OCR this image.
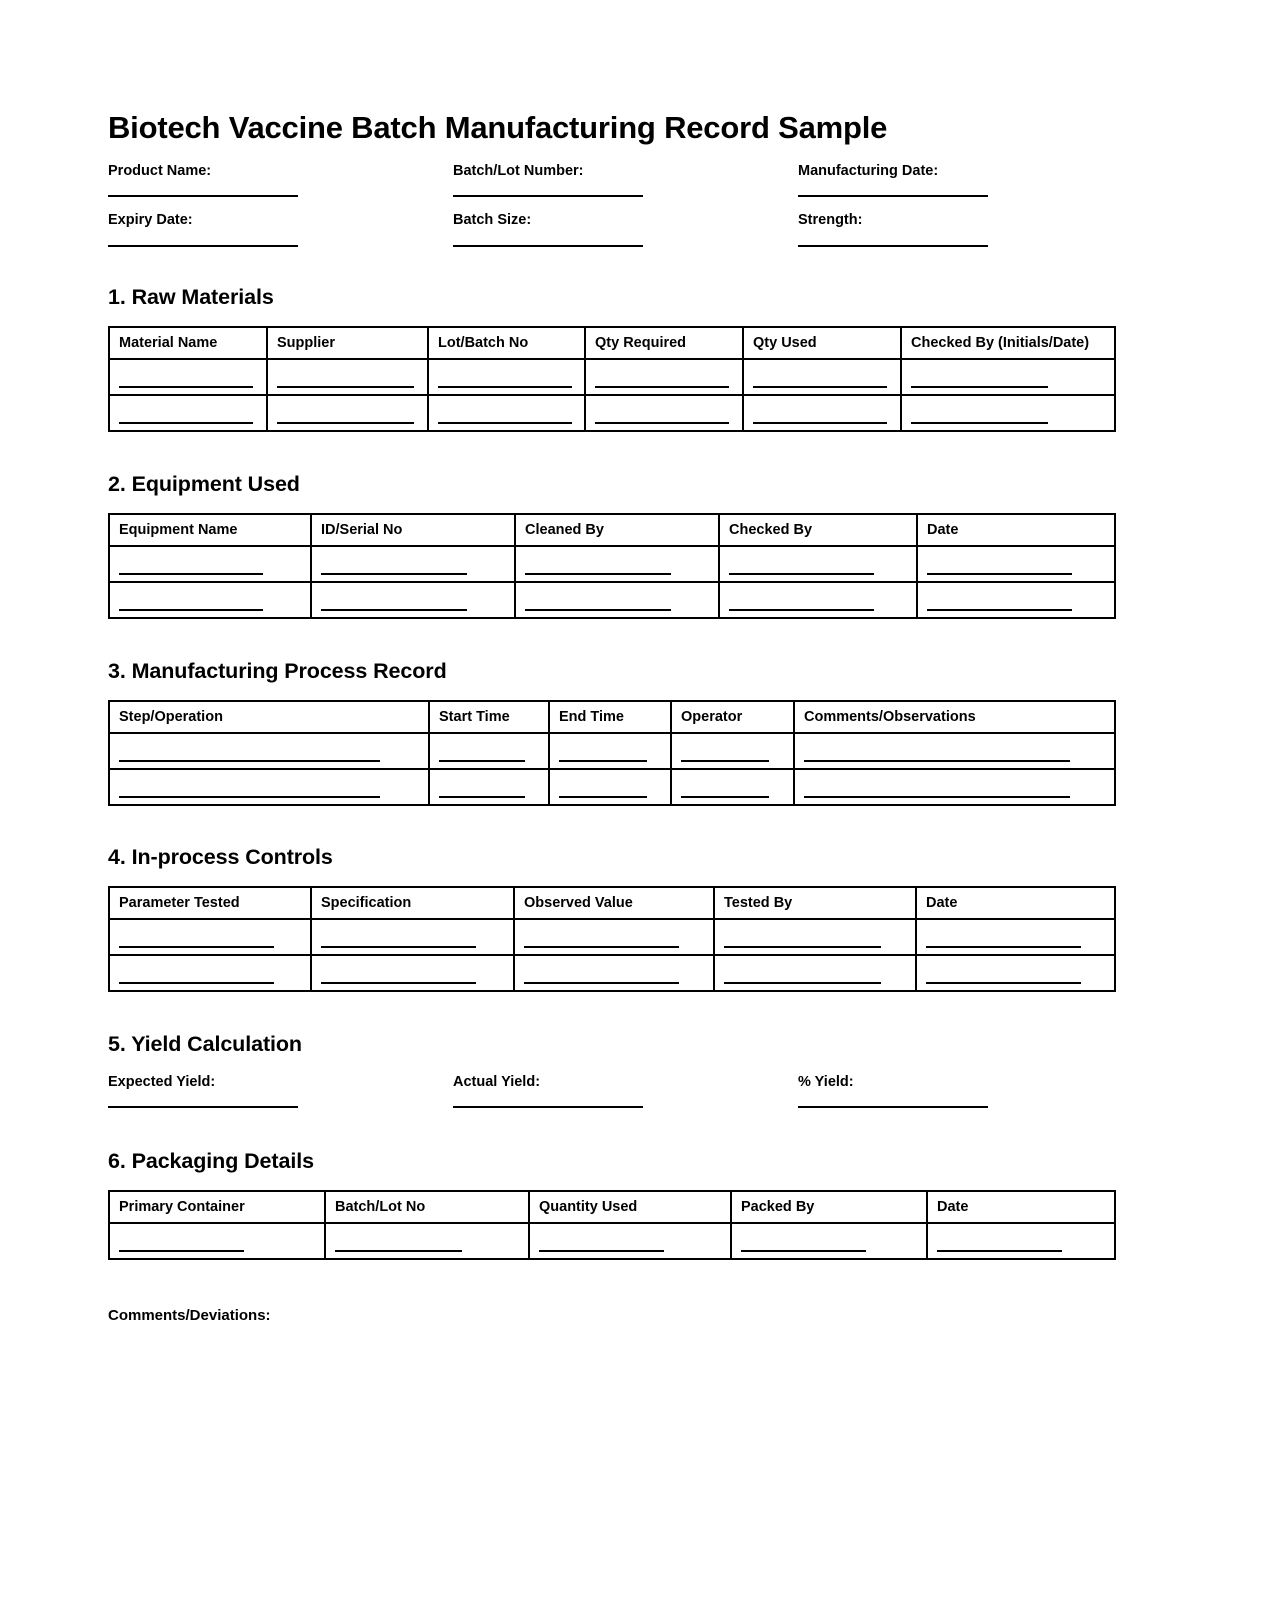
Biotech Vaccine Batch Manufacturing Record Sample
Product Name:	Batch/Lot Number:	Manufacturing Date:
Expiry Date:	Batch Size:	Strength:
1. Raw Materials
Material Name	Supplier	Lot/Batch No	Qty Required	Qty Used	Checked By (Initials/Date)

2. Equipment Used
Equipment Name	ID/Serial No	Cleaned By	Checked By	Date

3. Manufacturing Process Record
Step/Operation	Start Time	End Time	Operator	Comments/Observations

4. In-process Controls
Parameter Tested	Specification	Observed Value	Tested By	Date

5. Yield Calculation
Expected Yield:	Actual Yield:	% Yield:
6. Packaging Details
Primary Container	Batch/Lot No	Quantity Used	Packed By	Date

Comments/Deviations:
